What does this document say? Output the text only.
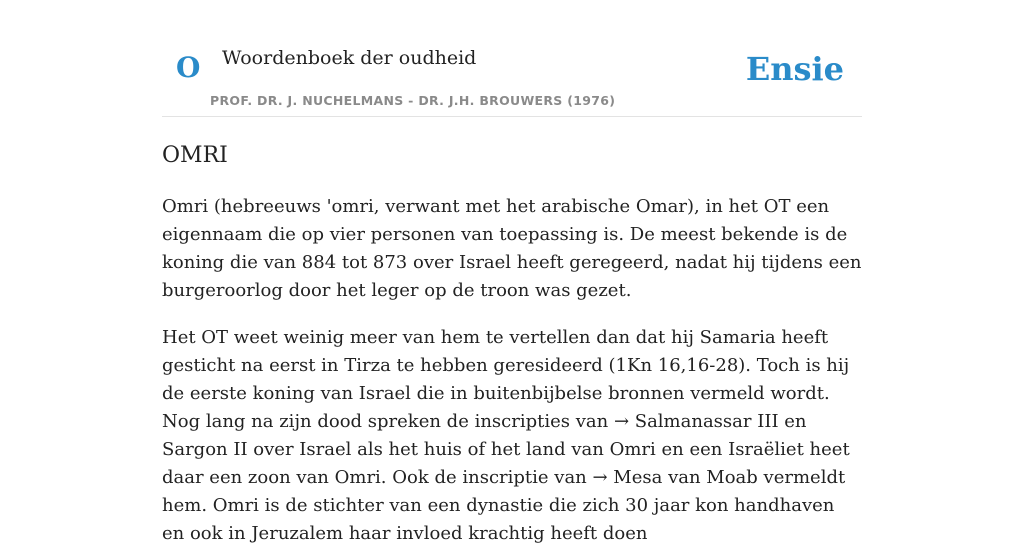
O Woordenboek der oudheid
PROF. DR. J. NUCHELMANS - DR. J.H. BROUWERS (1976)
Ensie
OMRI

Omri (hebreeuws 'omri, verwant met het arabische Omar), in het OT een eigennaam die op vier personen van toepassing is. De meest bekende is de koning die van 884 tot 873 over Israel heeft geregeerd, nadat hij tijdens een burgeroorlog door het leger op de troon was gezet.

Het OT weet weinig meer van hem te vertellen dan dat hij Samaria heeft gesticht na eerst in Tirza te hebben geresideerd (1Kn 16,16-28). Toch is hij de eerste koning van Israel die in buitenbijbelse bronnen vermeld wordt. Nog lang na zijn dood spreken de inscripties van → Salmanassar III en Sargon II over Israel als het huis of het land van Omri en een Israëliet heet daar een zoon van Omri. Ook de inscriptie van → Mesa van Moab vermeldt hem. Omri is de stichter van een dynastie die zich 30 jaar kon handhaven en ook in Jeruzalem haar invloed krachtig heeft doen
